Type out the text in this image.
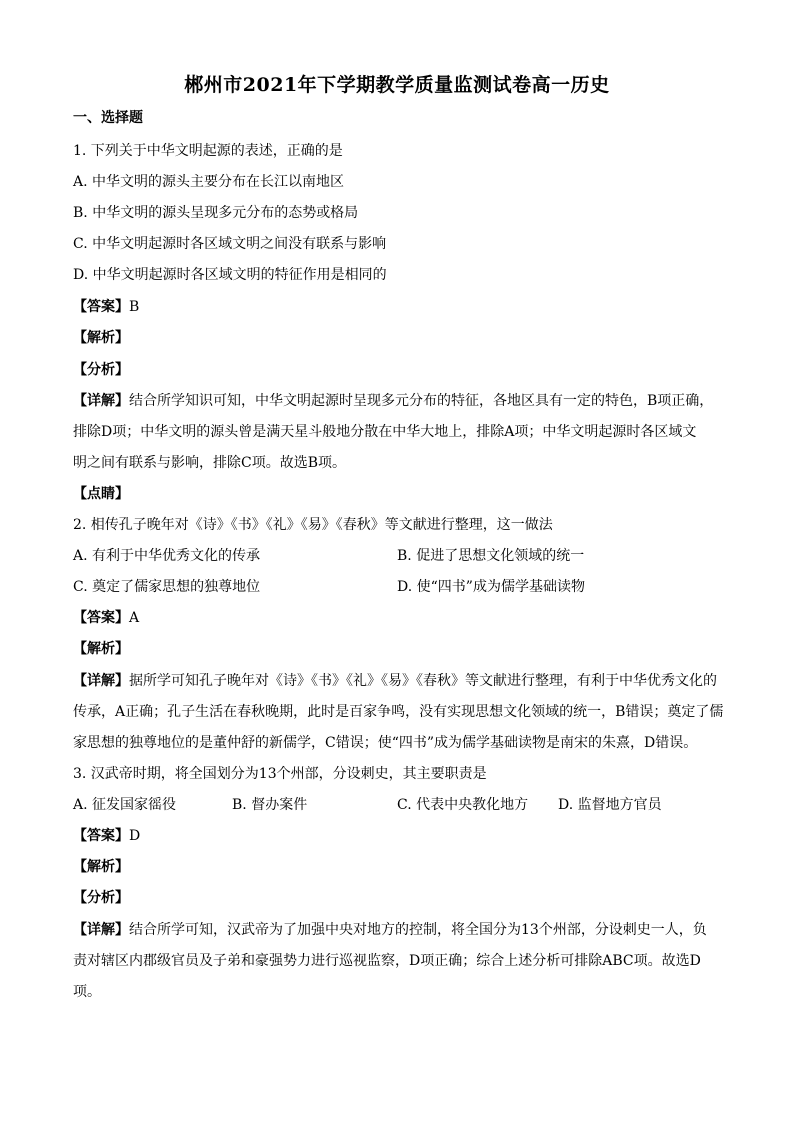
郴州市2021年下学期教学质量监测试卷高一历史
一、选择题
1. 下列关于中华文明起源的表述，正确的是
A. 中华文明的源头主要分布在长江以南地区
B. 中华文明的源头呈现多元分布的态势或格局
C. 中华文明起源时各区域文明之间没有联系与影响
D. 中华文明起源时各区域文明的特征作用是相同的
【答案】B
【解析】
【分析】
【详解】结合所学知识可知，中华文明起源时呈现多元分布的特征，各地区具有一定的特色，B项正确，
排除D项；中华文明的源头曾是满天星斗般地分散在中华大地上，排除A项；中华文明起源时各区域文
明之间有联系与影响，排除C项。故选B项。
【点睛】
2. 相传孔子晚年对《诗》《书》《礼》《易》《春秋》等文献进行整理，这一做法
A. 有利于中华优秀文化的传承	B. 促进了思想文化领域的统一
C. 奠定了儒家思想的独尊地位	D. 使“四书”成为儒学基础读物
【答案】A
【解析】
【详解】据所学可知孔子晚年对《诗》《书》《礼》《易》《春秋》等文献进行整理，有利于中华优秀文化的
传承，A正确；孔子生活在春秋晚期，此时是百家争鸣，没有实现思想文化领域的统一，B错误；奠定了儒
家思想的独尊地位的是董仲舒的新儒学，C错误；使“四书”成为儒学基础读物是南宋的朱熹，D错误。
3. 汉武帝时期，将全国划分为13个州部，分设刺史，其主要职责是
A. 征发国家徭役	B. 督办案件	C. 代表中央教化地方 D. 监督地方官员
【答案】D
【解析】
【分析】
【详解】结合所学可知，汉武帝为了加强中央对地方的控制，将全国分为13个州部，分设刺史一人，负
责对辖区内郡级官员及子弟和豪强势力进行巡视监察，D项正确；综合上述分析可排除ABC项。故选D
项。
